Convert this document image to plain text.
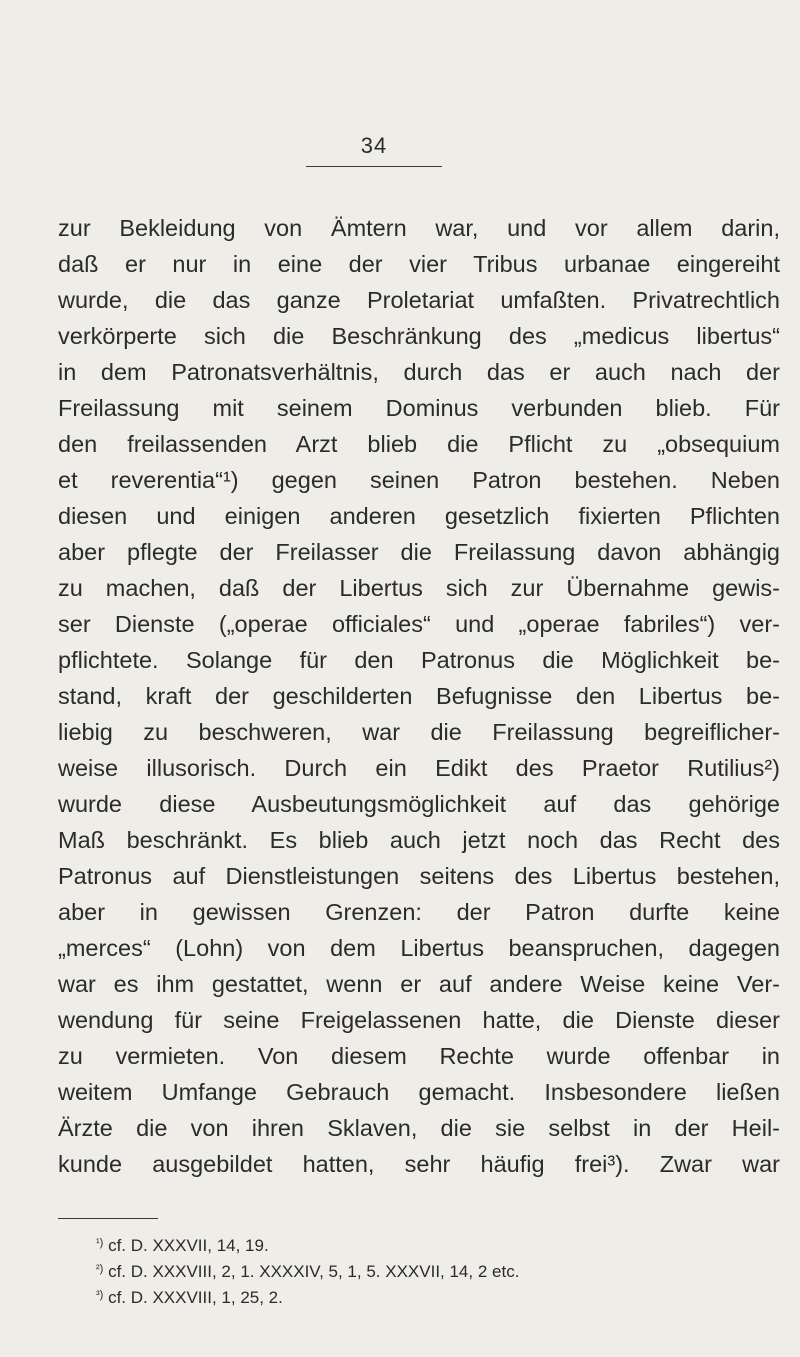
34
zur Bekleidung von Ämtern war, und vor allem darin,
daß er nur in eine der vier Tribus urbanae eingereiht
wurde, die das ganze Proletariat umfaßten. Privatrechtlich
verkörperte sich die Beschränkung des „medicus libertus“
in dem Patronatsverhältnis, durch das er auch nach der
Freilassung mit seinem Dominus verbunden blieb. Für
den freilassenden Arzt blieb die Pflicht zu „obsequium
et reverentia“¹) gegen seinen Patron bestehen. Neben
diesen und einigen anderen gesetzlich fixierten Pflichten
aber pflegte der Freilasser die Freilassung davon abhängig
zu machen, daß der Libertus sich zur Übernahme gewis-
ser Dienste („operae officiales“ und „operae fabriles“) ver-
pflichtete. Solange für den Patronus die Möglichkeit be-
stand, kraft der geschilderten Befugnisse den Libertus be-
liebig zu beschweren, war die Freilassung begreiflicher-
weise illusorisch. Durch ein Edikt des Praetor Rutilius²)
wurde diese Ausbeutungsmöglichkeit auf das gehörige
Maß beschränkt. Es blieb auch jetzt noch das Recht des
Patronus auf Dienstleistungen seitens des Libertus bestehen,
aber in gewissen Grenzen: der Patron durfte keine
„merces“ (Lohn) von dem Libertus beanspruchen, dagegen
war es ihm gestattet, wenn er auf andere Weise keine Ver-
wendung für seine Freigelassenen hatte, die Dienste dieser
zu vermieten. Von diesem Rechte wurde offenbar in
weitem Umfange Gebrauch gemacht. Insbesondere ließen
Ärzte die von ihren Sklaven, die sie selbst in der Heil-
kunde ausgebildet hatten, sehr häufig frei³). Zwar war
$^{^1)}$ cf. D. XXXVII, 14, 19.
$^{^2)}$ cf. D. XXXVIII, 2, 1. XXXXIV, 5, 1, 5. XXXVII, 14, 2 etc.
$^{^3)}$ cf. D. XXXVIII, 1, 25, 2.
